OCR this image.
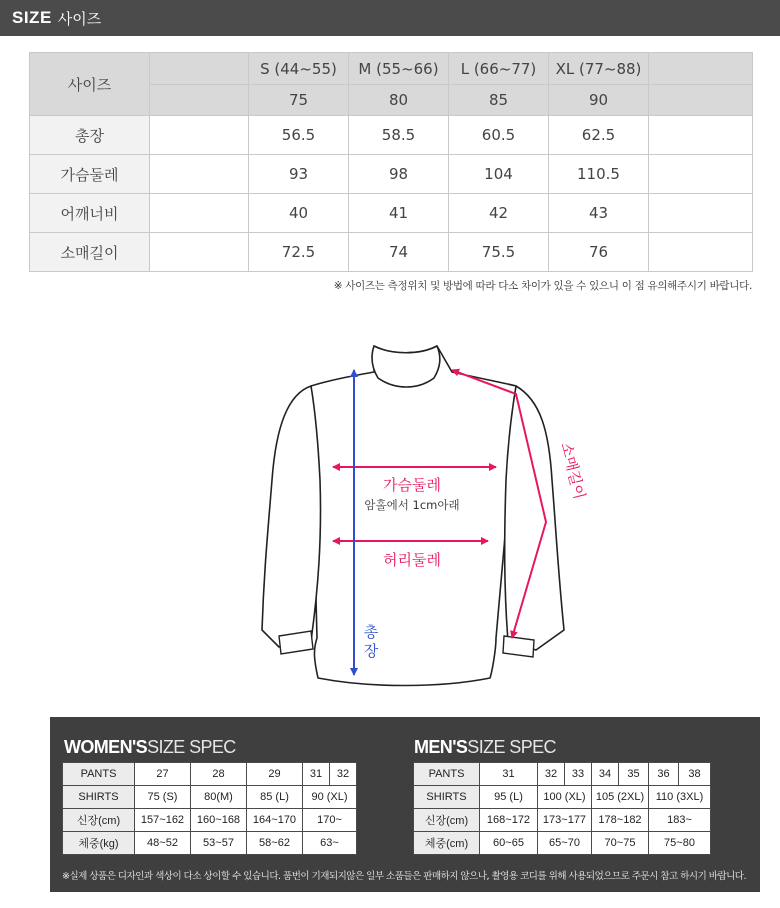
SIZE 사이즈
사이즈		S (44~55)	M (55~66)	L (66~77)	XL (77~88)	
		75	80	85	90	
총장		56.5	58.5	60.5	62.5	
가슴둘레		93	98	104	110.5	
어깨너비		40	41	42	43	
소매길이		72.5	74	75.5	76	
※ 사이즈는 측정위치 및 방법에 따라 다소 차이가 있을 수 있으니 이 점 유의해주시기 바랍니다.
가슴둘레
암홀에서 1cm아래
허리둘레
총
장
소매길이
WOMEN'SSIZE SPEC	MEN'SSIZE SPEC
PANTS	27	28	29	31	32
SHIRTS	75 (S)	80(M)	85 (L)	90 (XL)	
신장(cm)	157~162	160~168	164~170	170~	
체중(kg)	48~52	53~57	58~62	63~	
PANTS	31	32	33	34	35	36	38
SHIRTS	95 (L)	100 (XL)		105 (2XL)		110 (3XL)	
신장(cm)	168~172	173~177		178~182		183~	
체중(cm)	60~65	65~70		70~75		75~80	
※실제 상품은 디자인과 색상이 다소 상이할 수 있습니다. 품번이 기재되지않은 일부 소품들은 판매하지 않으나, 촬영용 코디를 위해 사용되었으므로 주문시 참고 하시기 바랍니다.
